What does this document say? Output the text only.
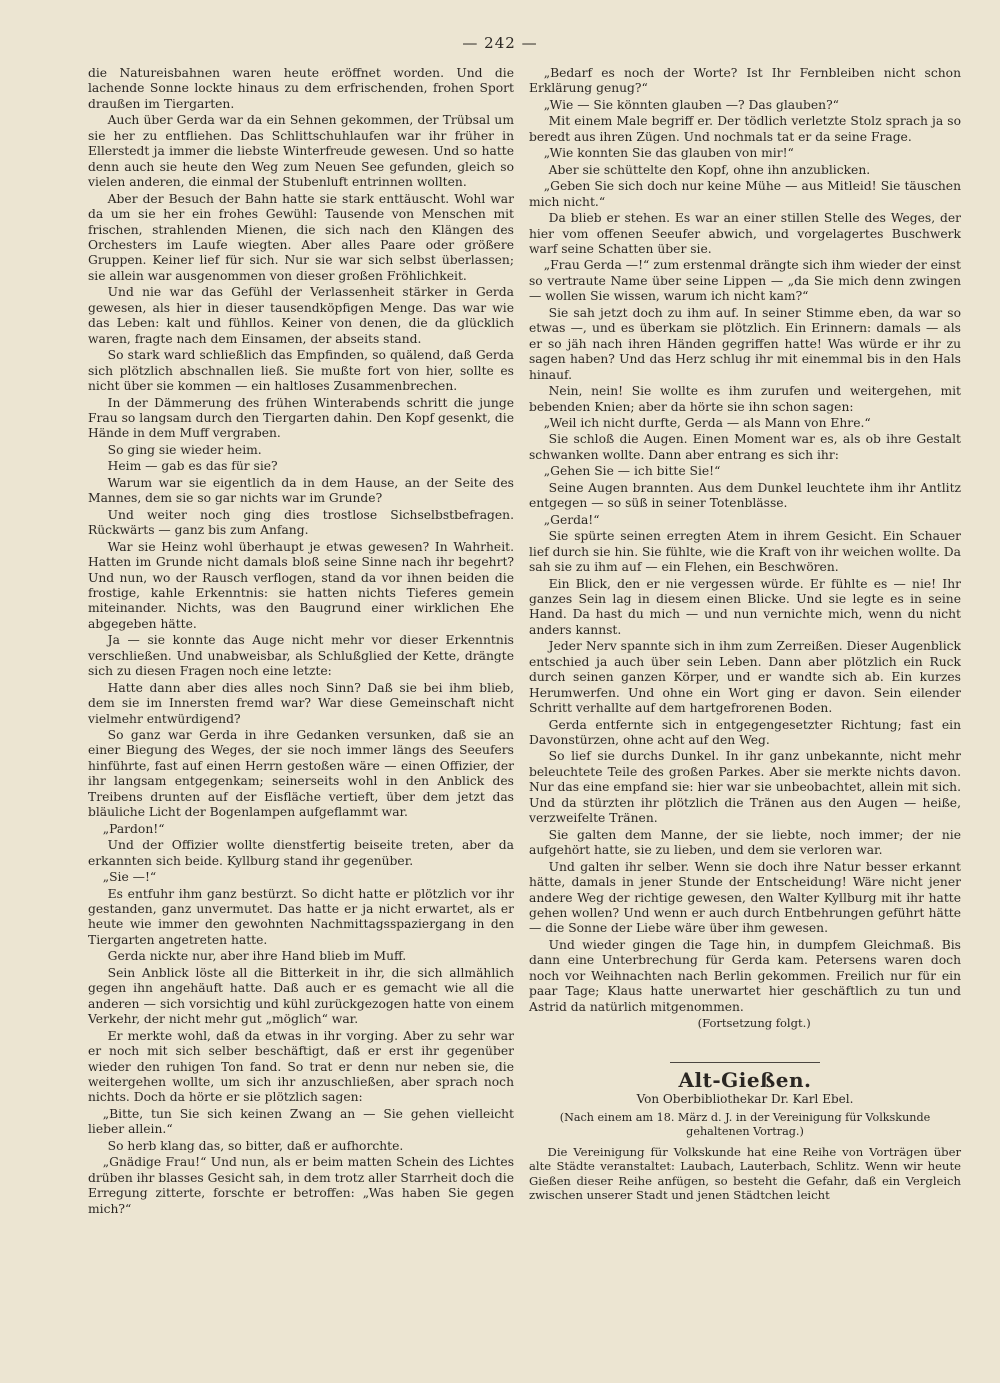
— 242 —

die Natureisbahnen waren heute eröffnet worden. Und die lachende Sonne lockte hinaus zu dem erfrischenden, frohen Sport draußen im Tiergarten.

Auch über Gerda war da ein Sehnen gekommen, der Trübsal um sie her zu entfliehen. Das Schlittschuhlaufen war ihr früher in Ellerstedt ja immer die liebste Winterfreude gewesen. Und so hatte denn auch sie heute den Weg zum Neuen See gefunden, gleich so vielen anderen, die einmal der Stubenluft entrinnen wollten.

Aber der Besuch der Bahn hatte sie stark enttäuscht. Wohl war da um sie her ein frohes Gewühl: Tausende von Menschen mit frischen, strahlenden Mienen, die sich nach den Klängen des Orchesters im Laufe wiegten. Aber alles Paare oder größere Gruppen. Keiner lief für sich. Nur sie war sich selbst überlassen; sie allein war ausgenommen von dieser großen Fröhlichkeit.

Und nie war das Gefühl der Verlassenheit stärker in Gerda gewesen, als hier in dieser tausendköpfigen Menge. Das war wie das Leben: kalt und fühllos. Keiner von denen, die da glücklich waren, fragte nach dem Einsamen, der abseits stand.

So stark ward schließlich das Empfinden, so quälend, daß Gerda sich plötzlich abschnallen ließ. Sie mußte fort von hier, sollte es nicht über sie kommen — ein haltloses Zusammenbrechen.

In der Dämmerung des frühen Winterabends schritt die junge Frau so langsam durch den Tiergarten dahin. Den Kopf gesenkt, die Hände in dem Muff vergraben.

So ging sie wieder heim.

Heim — gab es das für sie?

Warum war sie eigentlich da in dem Hause, an der Seite des Mannes, dem sie so gar nichts war im Grunde?

Und weiter noch ging dies trostlose Sichselbstbefragen. Rückwärts — ganz bis zum Anfang.

War sie Heinz wohl überhaupt je etwas gewesen? In Wahrheit. Hatten im Grunde nicht damals bloß seine Sinne nach ihr begehrt? Und nun, wo der Rausch verflogen, stand da vor ihnen beiden die frostige, kahle Erkenntnis: sie hatten nichts Tieferes gemein miteinander. Nichts, was den Baugrund einer wirklichen Ehe abgegeben hätte.

Ja — sie konnte das Auge nicht mehr vor dieser Erkenntnis verschließen. Und unabweisbar, als Schlußglied der Kette, drängte sich zu diesen Fragen noch eine letzte:

Hatte dann aber dies alles noch Sinn? Daß sie bei ihm blieb, dem sie im Innersten fremd war? War diese Gemeinschaft nicht vielmehr entwürdigend?

So ganz war Gerda in ihre Gedanken versunken, daß sie an einer Biegung des Weges, der sie noch immer längs des Seeufers hinführte, fast auf einen Herrn gestoßen wäre — einen Offizier, der ihr langsam entgegenkam; seinerseits wohl in den Anblick des Treibens drunten auf der Eisfläche vertieft, über dem jetzt das bläuliche Licht der Bogenlampen aufgeflammt war.

„Pardon!“

Und der Offizier wollte dienstfertig beiseite treten, aber da erkannten sich beide. Kyllburg stand ihr gegenüber.

„Sie —!“

Es entfuhr ihm ganz bestürzt. So dicht hatte er plötzlich vor ihr gestanden, ganz unvermutet. Das hatte er ja nicht erwartet, als er heute wie immer den gewohnten Nachmittagsspaziergang in den Tiergarten angetreten hatte.

Gerda nickte nur, aber ihre Hand blieb im Muff.

Sein Anblick löste all die Bitterkeit in ihr, die sich allmählich gegen ihn angehäuft hatte. Daß auch er es gemacht wie all die anderen — sich vorsichtig und kühl zurückgezogen hatte von einem Verkehr, der nicht mehr gut „möglich“ war.

Er merkte wohl, daß da etwas in ihr vorging. Aber zu sehr war er noch mit sich selber beschäftigt, daß er erst ihr gegenüber wieder den ruhigen Ton fand. So trat er denn nur neben sie, die weitergehen wollte, um sich ihr anzuschließen, aber sprach noch nichts. Doch da hörte er sie plötzlich sagen:

„Bitte, tun Sie sich keinen Zwang an — Sie gehen vielleicht lieber allein.“

So herb klang das, so bitter, daß er aufhorchte.

„Gnädige Frau!“ Und nun, als er beim matten Schein des Lichtes drüben ihr blasses Gesicht sah, in dem trotz aller Starrheit doch die Erregung zitterte, forschte er betroffen: „Was haben Sie gegen mich?“

„Bedarf es noch der Worte? Ist Ihr Fernbleiben nicht schon Erklärung genug?“

„Wie — Sie könnten glauben —? Das glauben?“

Mit einem Male begriff er. Der tödlich verletzte Stolz sprach ja so beredt aus ihren Zügen. Und nochmals tat er da seine Frage.

„Wie konnten Sie das glauben von mir!“

Aber sie schüttelte den Kopf, ohne ihn anzublicken.

„Geben Sie sich doch nur keine Mühe — aus Mitleid! Sie täuschen mich nicht.“

Da blieb er stehen. Es war an einer stillen Stelle des Weges, der hier vom offenen Seeufer abwich, und vorgelagertes Buschwerk warf seine Schatten über sie.

„Frau Gerda —!“ zum erstenmal drängte sich ihm wieder der einst so vertraute Name über seine Lippen — „da Sie mich denn zwingen — wollen Sie wissen, warum ich nicht kam?“

Sie sah jetzt doch zu ihm auf. In seiner Stimme eben, da war so etwas —, und es überkam sie plötzlich. Ein Erinnern: damals — als er so jäh nach ihren Händen gegriffen hatte! Was würde er ihr zu sagen haben? Und das Herz schlug ihr mit einemmal bis in den Hals hinauf.

Nein, nein! Sie wollte es ihm zurufen und weitergehen, mit bebenden Knien; aber da hörte sie ihn schon sagen:

„Weil ich nicht durfte, Gerda — als Mann von Ehre.“

Sie schloß die Augen. Einen Moment war es, als ob ihre Gestalt schwanken wollte. Dann aber entrang es sich ihr:

„Gehen Sie — ich bitte Sie!“

Seine Augen brannten. Aus dem Dunkel leuchtete ihm ihr Antlitz entgegen — so süß in seiner Totenblässe.

„Gerda!“

Sie spürte seinen erregten Atem in ihrem Gesicht. Ein Schauer lief durch sie hin. Sie fühlte, wie die Kraft von ihr weichen wollte. Da sah sie zu ihm auf — ein Flehen, ein Beschwören.

Ein Blick, den er nie vergessen würde. Er fühlte es — nie! Ihr ganzes Sein lag in diesem einen Blicke. Und sie legte es in seine Hand. Da hast du mich — und nun vernichte mich, wenn du nicht anders kannst.

Jeder Nerv spannte sich in ihm zum Zerreißen. Dieser Augenblick entschied ja auch über sein Leben. Dann aber plötzlich ein Ruck durch seinen ganzen Körper, und er wandte sich ab. Ein kurzes Herumwerfen. Und ohne ein Wort ging er davon. Sein eilender Schritt verhallte auf dem hartgefrorenen Boden.

Gerda entfernte sich in entgegengesetzter Richtung; fast ein Davonstürzen, ohne acht auf den Weg.

So lief sie durchs Dunkel. In ihr ganz unbekannte, nicht mehr beleuchtete Teile des großen Parkes. Aber sie merkte nichts davon. Nur das eine empfand sie: hier war sie unbeobachtet, allein mit sich. Und da stürzten ihr plötzlich die Tränen aus den Augen — heiße, verzweifelte Tränen.

Sie galten dem Manne, der sie liebte, noch immer; der nie aufgehört hatte, sie zu lieben, und dem sie verloren war.

Und galten ihr selber. Wenn sie doch ihre Natur besser erkannt hätte, damals in jener Stunde der Entscheidung! Wäre nicht jener andere Weg der richtige gewesen, den Walter Kyllburg mit ihr hatte gehen wollen? Und wenn er auch durch Entbehrungen geführt hätte — die Sonne der Liebe wäre über ihm gewesen.

Und wieder gingen die Tage hin, in dumpfem Gleichmaß. Bis dann eine Unterbrechung für Gerda kam. Petersens waren doch noch vor Weihnachten nach Berlin gekommen. Freilich nur für ein paar Tage; Klaus hatte unerwartet hier geschäftlich zu tun und Astrid da natürlich mitgenommen.

(Fortsetzung folgt.)

Alt-Gießen.
Von Oberbibliothekar Dr. Karl Ebel.
(Nach einem am 18. März d. J. in der Vereinigung für Volkskunde gehaltenen Vortrag.)

Die Vereinigung für Volkskunde hat eine Reihe von Vorträgen über alte Städte veranstaltet: Laubach, Lauterbach, Schlitz. Wenn wir heute Gießen dieser Reihe anfügen, so besteht die Gefahr, daß ein Vergleich zwischen unserer Stadt und jenen Städtchen leicht
